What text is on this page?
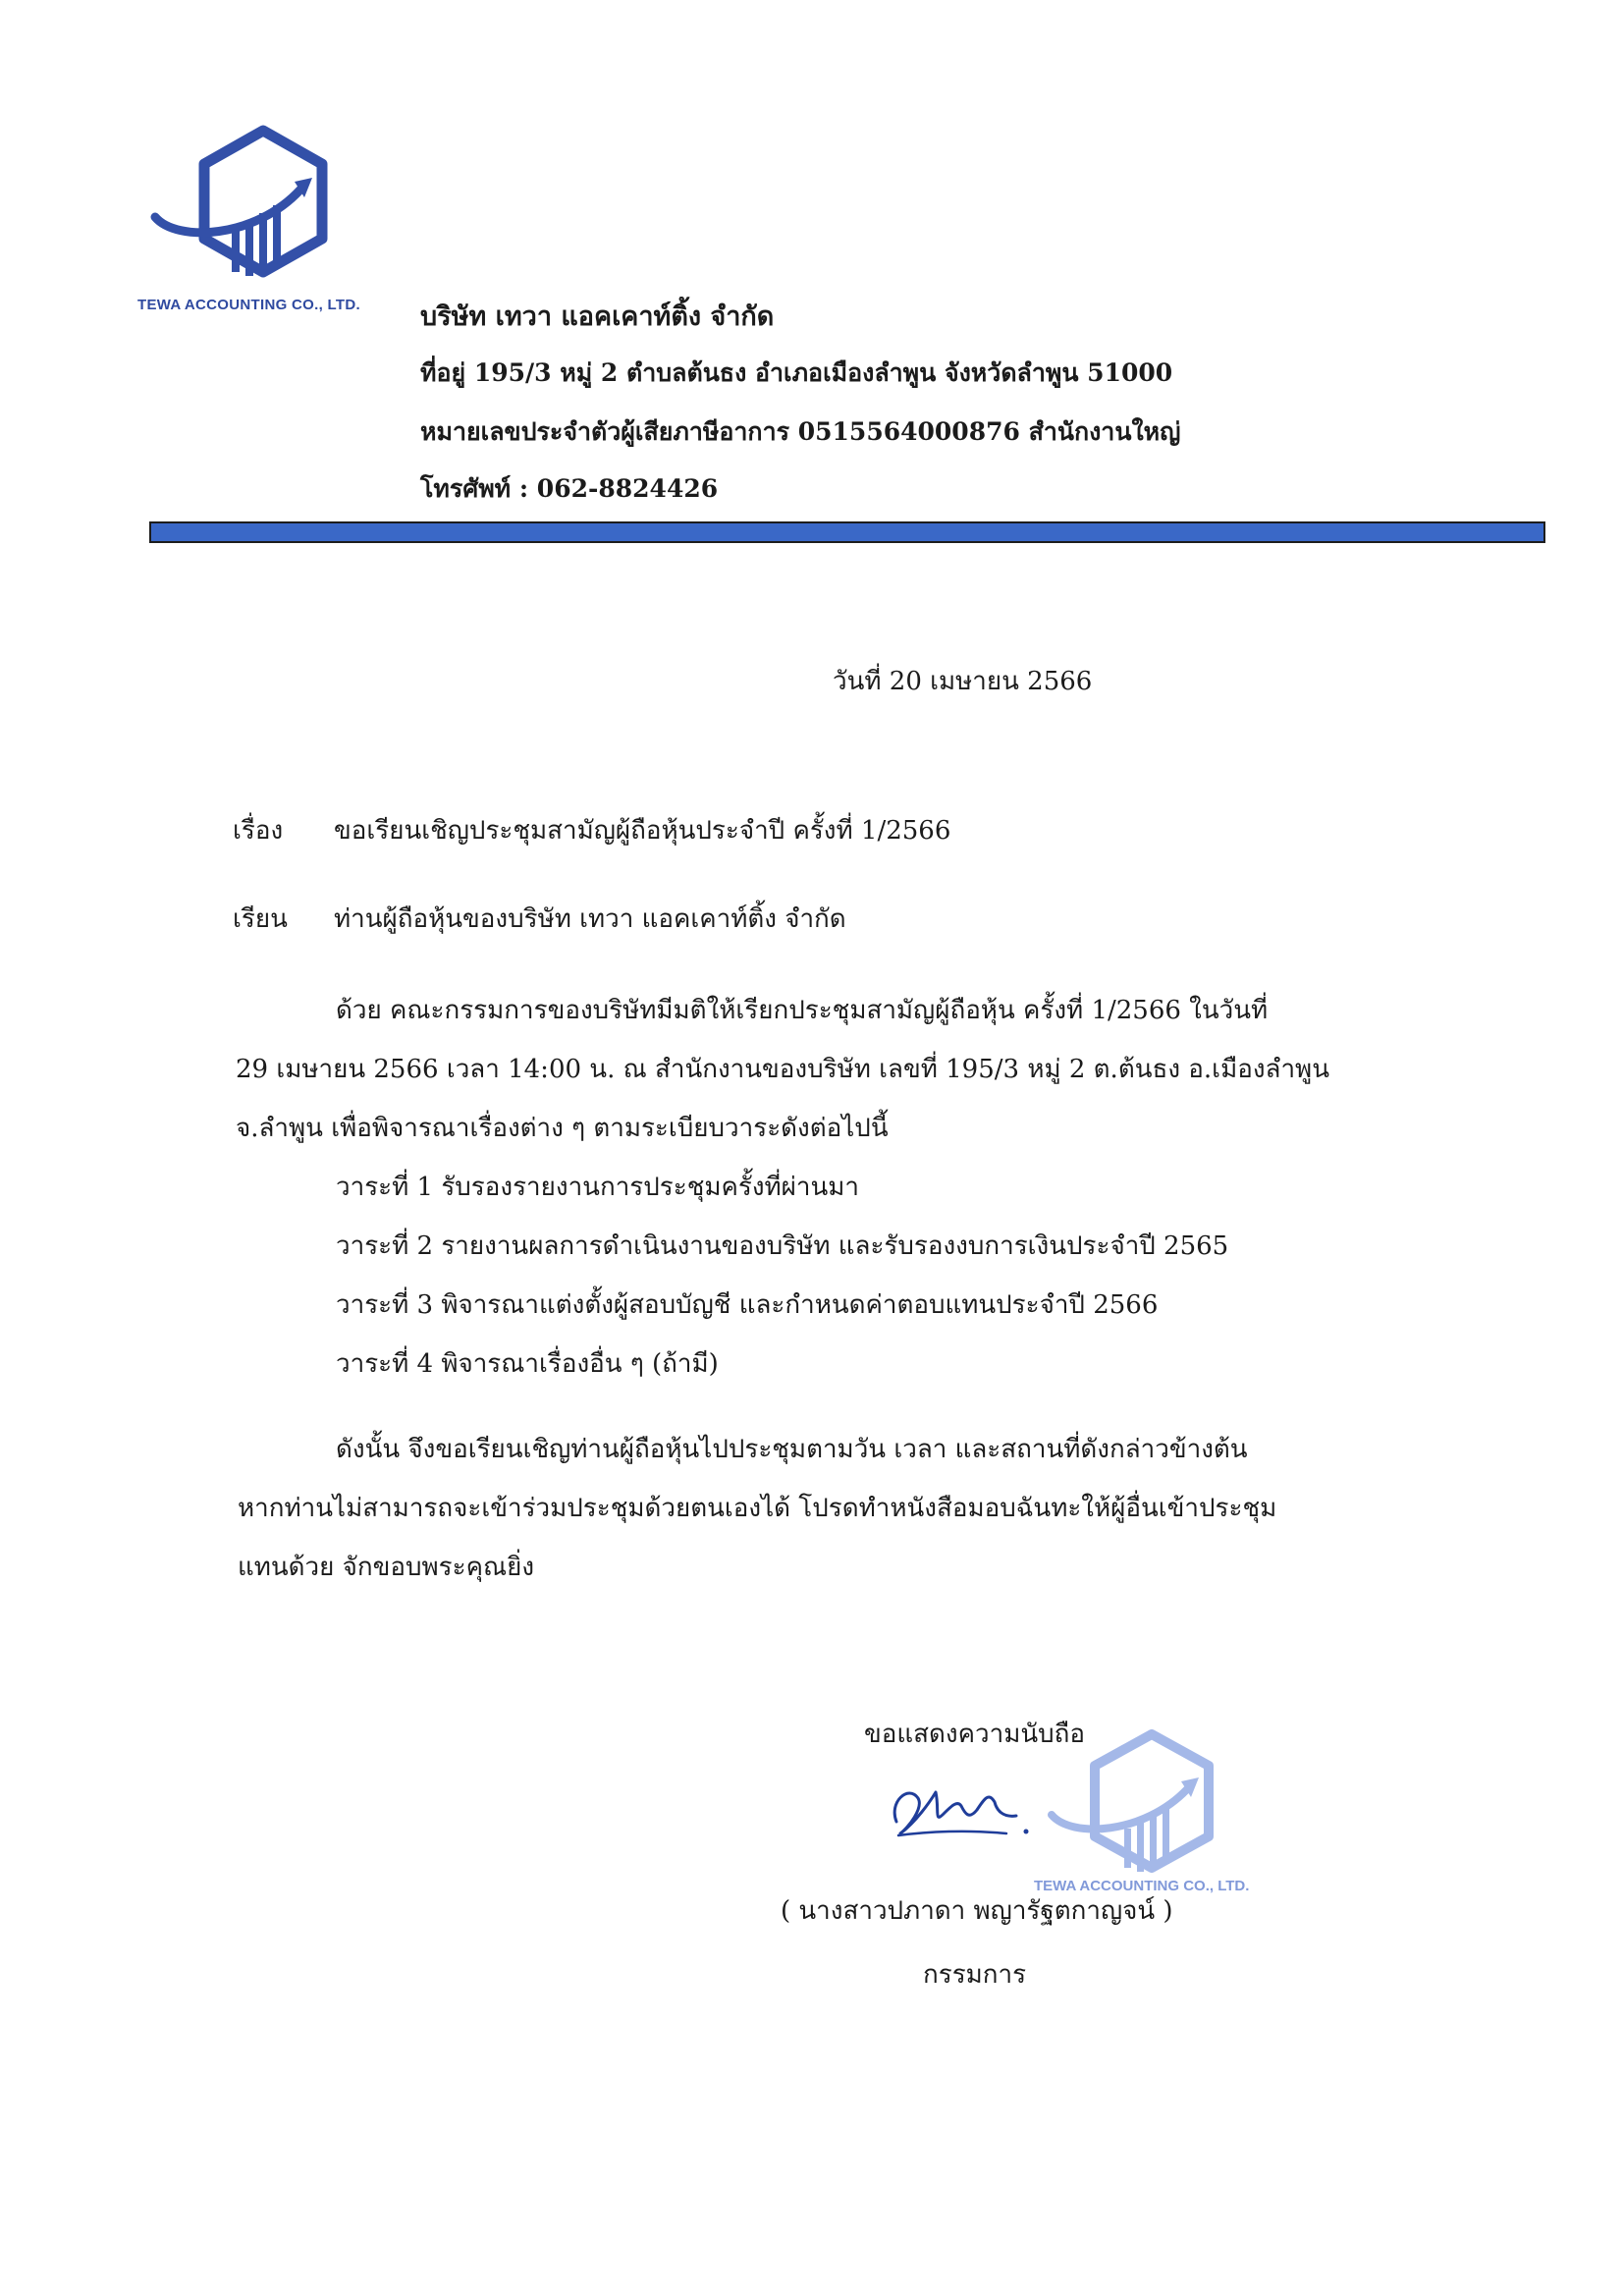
TEWA ACCOUNTING CO., LTD. บริษัท เทวา แอคเคาท์ติ้ง จำกัด
ที่อยู่ 195/3 หมู่ 2 ตำบลต้นธง อำเภอเมืองลำพูน จังหวัดลำพูน 51000
หมายเลขประจำตัวผู้เสียภาษีอาการ 0515564000876 สำนักงานใหญ่
โทรศัพท์ : 062-8824426
วันที่ 20 เมษายน 2566
เรื่อง ขอเรียนเชิญประชุมสามัญผู้ถือหุ้นประจำปี ครั้งที่ 1/2566
เรียน ท่านผู้ถือหุ้นของบริษัท เทวา แอคเคาท์ติ้ง จำกัด
ด้วย คณะกรรมการของบริษัทมีมติให้เรียกประชุมสามัญผู้ถือหุ้น ครั้งที่ 1/2566 ในวันที่
29 เมษายน 2566 เวลา 14:00 น. ณ สำนักงานของบริษัท เลขที่ 195/3 หมู่ 2 ต.ต้นธง อ.เมืองลำพูน
จ.ลำพูน เพื่อพิจารณาเรื่องต่าง ๆ ตามระเบียบวาระดังต่อไปนี้
วาระที่ 1 รับรองรายงานการประชุมครั้งที่ผ่านมา
วาระที่ 2 รายงานผลการดำเนินงานของบริษัท และรับรองงบการเงินประจำปี 2565
วาระที่ 3 พิจารณาแต่งตั้งผู้สอบบัญชี และกำหนดค่าตอบแทนประจำปี 2566
วาระที่ 4 พิจารณาเรื่องอื่น ๆ (ถ้ามี)
ดังนั้น จึงขอเรียนเชิญท่านผู้ถือหุ้นไปประชุมตามวัน เวลา และสถานที่ดังกล่าวข้างต้น
หากท่านไม่สามารถจะเข้าร่วมประชุมด้วยตนเองได้ โปรดทำหนังสือมอบฉันทะให้ผู้อื่นเข้าประชุม
แทนด้วย จักขอบพระคุณยิ่ง
ขอแสดงความนับถือ
TEWA ACCOUNTING CO., LTD.
( นางสาวปภาดา พญารัฐตกาญจน์ )
กรรมการ
